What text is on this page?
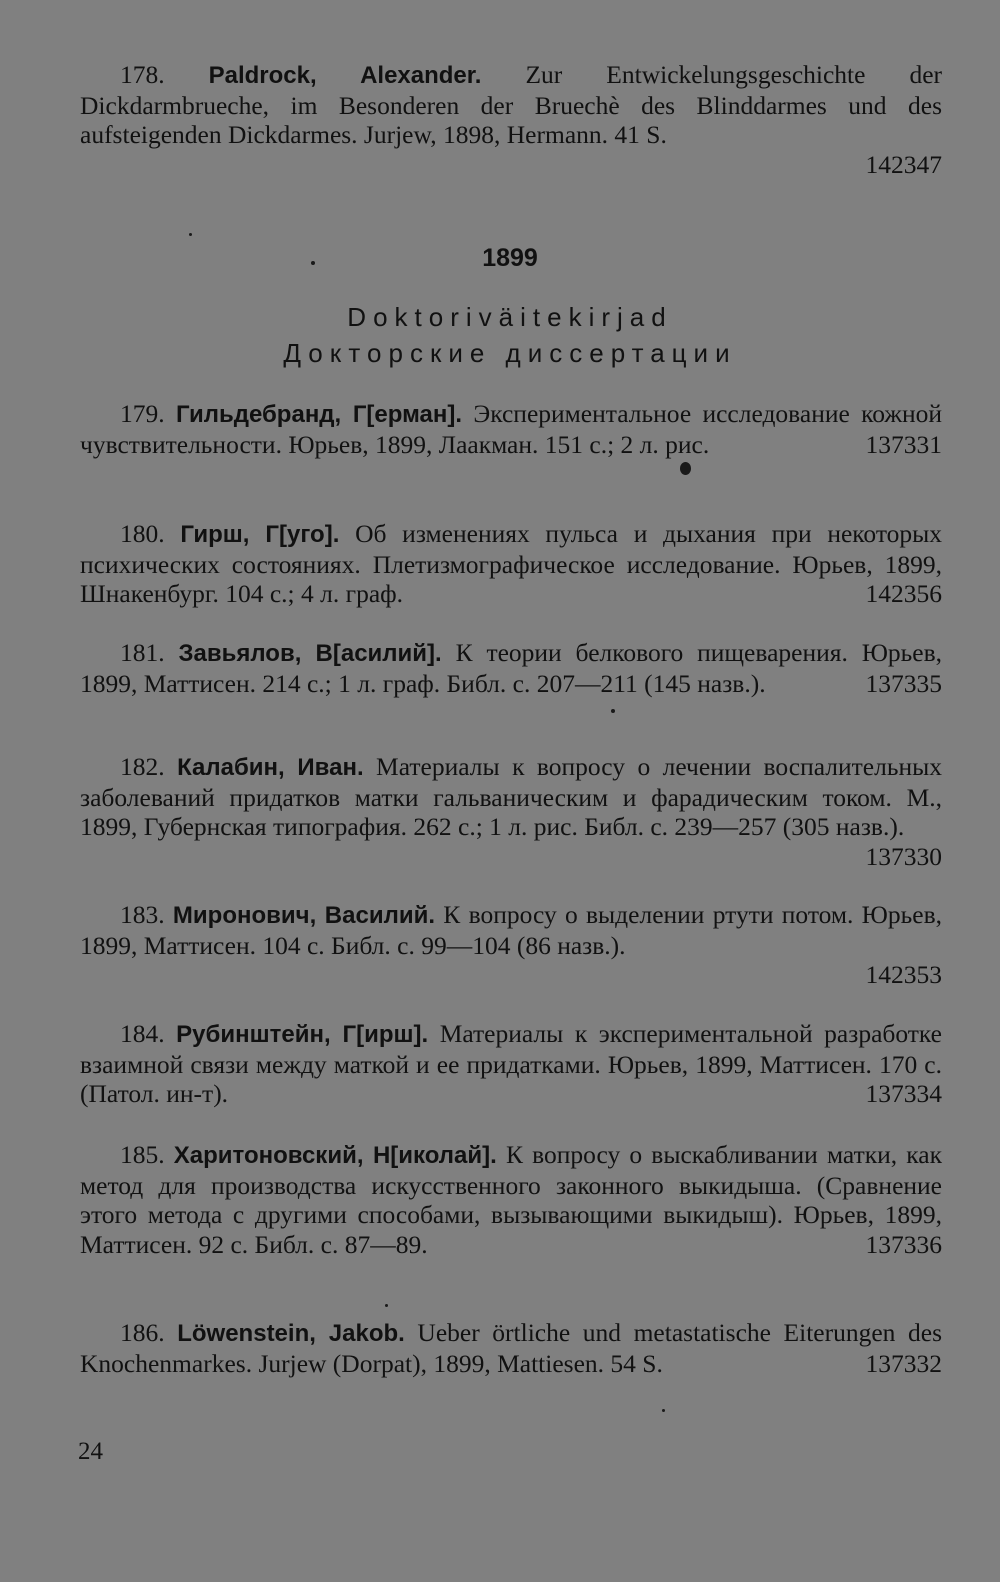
178. Paldrock, Alexander. Zur Entwickelungsgeschichte der Dickdarmbrueche, im Besonderen der Bruechè des Blinddarmes und des aufsteigenden Dickdarmes. Jurjew, 1898, Hermann. 41 S.

142347
1899
Doktoriväitekirjad
Докторские диссертации
179. Гильдебранд, Г[ерман]. Экспериментальное исследование кожной чувствительности. Юрьев, 1899, Лаакман. 151 с.; 2 л. рис.	137331
180. Гирш, Г[уго]. Об изменениях пульса и дыхания при некоторых психических состояниях. Плетизмографическое исследование. Юрьев, 1899, Шнакенбург. 104 с.; 4 л. граф.	142356
181. Завьялов, В[асилий]. К теории белкового пищеварения. Юрьев, 1899, Маттисен. 214 с.; 1 л. граф. Библ. с. 207—211 (145 назв.).	137335
182. Калабин, Иван. Материалы к вопросу о лечении воспалительных заболеваний придатков матки гальваническим и фарадическим током. М., 1899, Губернская типография. 262 с.; 1 л. рис. Библ. с. 239—257 (305 назв.).
137330
183. Миронович, Василий. К вопросу о выделении ртути потом. Юрьев, 1899, Маттисен. 104 с. Библ. с. 99—104 (86 назв.).

142353
184. Рубинштейн, Г[ирш]. Материалы к экспериментальной разработке взаимной связи между маткой и ее придатками. Юрьев, 1899, Маттисен. 170 с. (Патол. ин-т).	137334
185. Харитоновский, Н[иколай]. К вопросу о выскабливании матки, как метод для производства искусственного законного выкидыша. (Сравнение этого метода с другими способами, вызывающими выкидыш). Юрьев, 1899, Маттисен. 92 с. Библ. с. 87—89.	137336
186. Löwenstein, Jakob. Ueber örtliche und metastatische Eiterungen des Knochenmarkes. Jurjew (Dorpat), 1899, Mattiesen. 54 S.	137332
24
